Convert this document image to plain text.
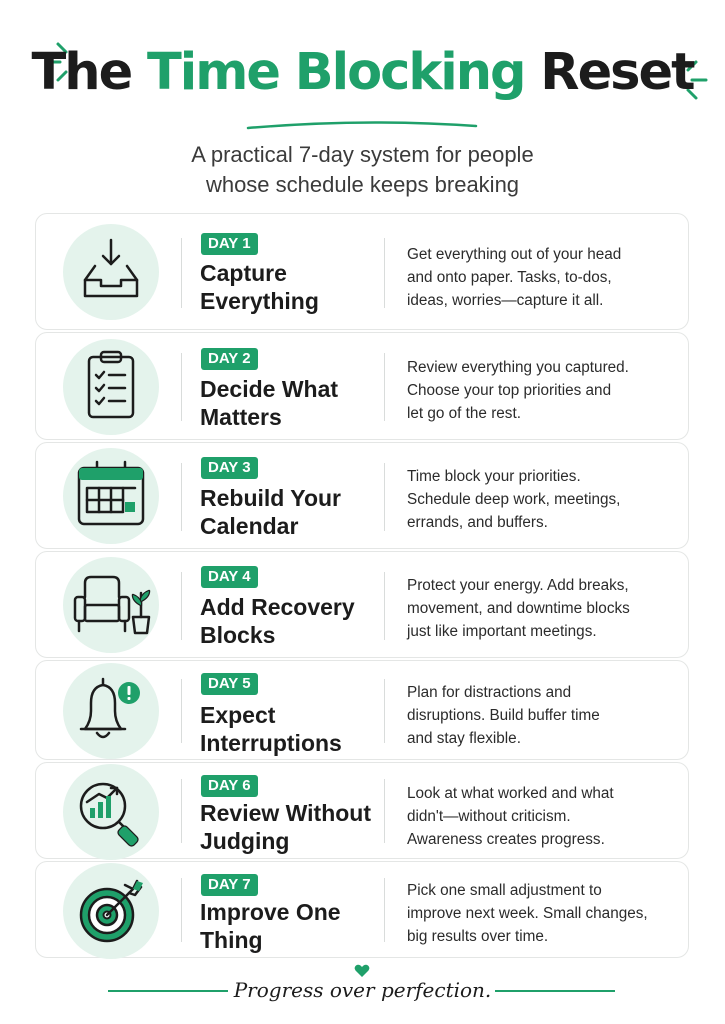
The Time Blocking Reset
A practical 7-day system for people
whose schedule keeps breaking
DAY 1
Capture
Everything
Get everything out of your head
and onto paper. Tasks, to-dos,
ideas, worries—capture it all.
DAY 2
Decide What
Matters
Review everything you captured.
Choose your top priorities and
let go of the rest.
DAY 3
Rebuild Your
Calendar
Time block your priorities.
Schedule deep work, meetings,
errands, and buffers.
DAY 4
Add Recovery
Blocks
Protect your energy. Add breaks,
movement, and downtime blocks
just like important meetings.
DAY 5
Expect
Interruptions
Plan for distractions and
disruptions. Build buffer time
and stay flexible.
DAY 6
Review Without
Judging
Look at what worked and what
didn't—without criticism.
Awareness creates progress.
DAY 7
Improve One
Thing
Pick one small adjustment to
improve next week. Small changes,
big results over time.
Progress over perfection.
